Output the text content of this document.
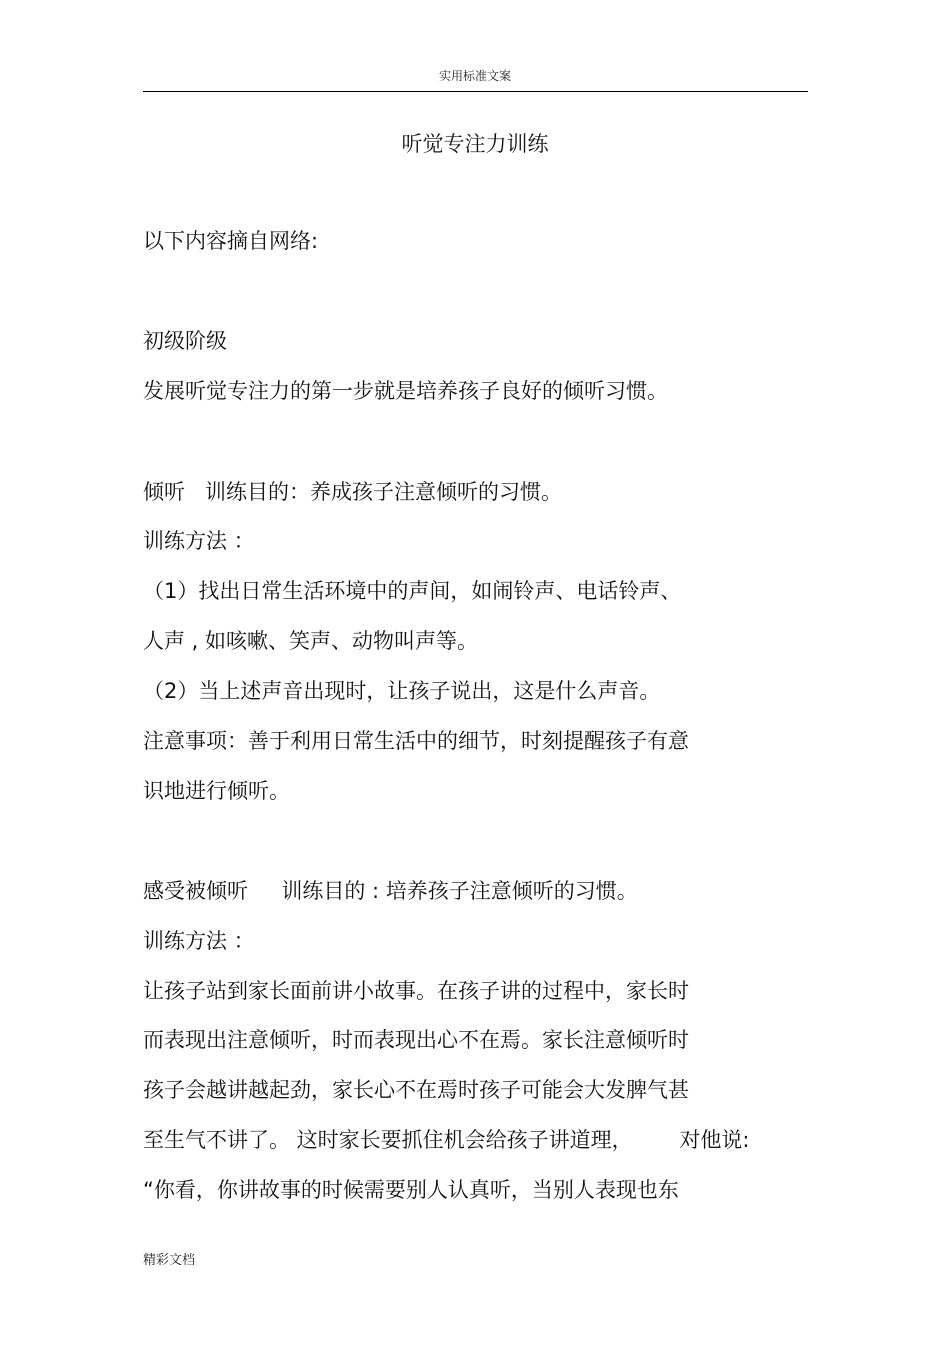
实用标准文案
听觉专注力训练
以下内容摘自网络:
初级阶级
发展听觉专注力的第一步就是培养孩子良好的倾听习惯。
倾听   训练目的：养成孩子注意倾听的习惯。
训练方法 ：
（1）找出日常生活环境中的声间，如闹铃声、电话铃声、
人声 , 如咳嗽、笑声、动物叫声等。
（2）当上述声音出现时，让孩子说出，这是什么声音。
注意事项：善于利用日常生活中的细节，时刻提醒孩子有意
识地进行倾听。
感受被倾听     训练目的 : 培养孩子注意倾听的习惯。
训练方法 ：
让孩子站到家长面前讲小故事。在孩子讲的过程中，家长时
而表现出注意倾听，时而表现出心不在焉。家长注意倾听时
孩子会越讲越起劲，家长心不在焉时孩子可能会大发脾气甚
至生气不讲了。 这时家长要抓住机会给孩子讲道理，       对他说:
“你看，你讲故事的时候需要别人认真听，当别人表现也东
精彩文档
